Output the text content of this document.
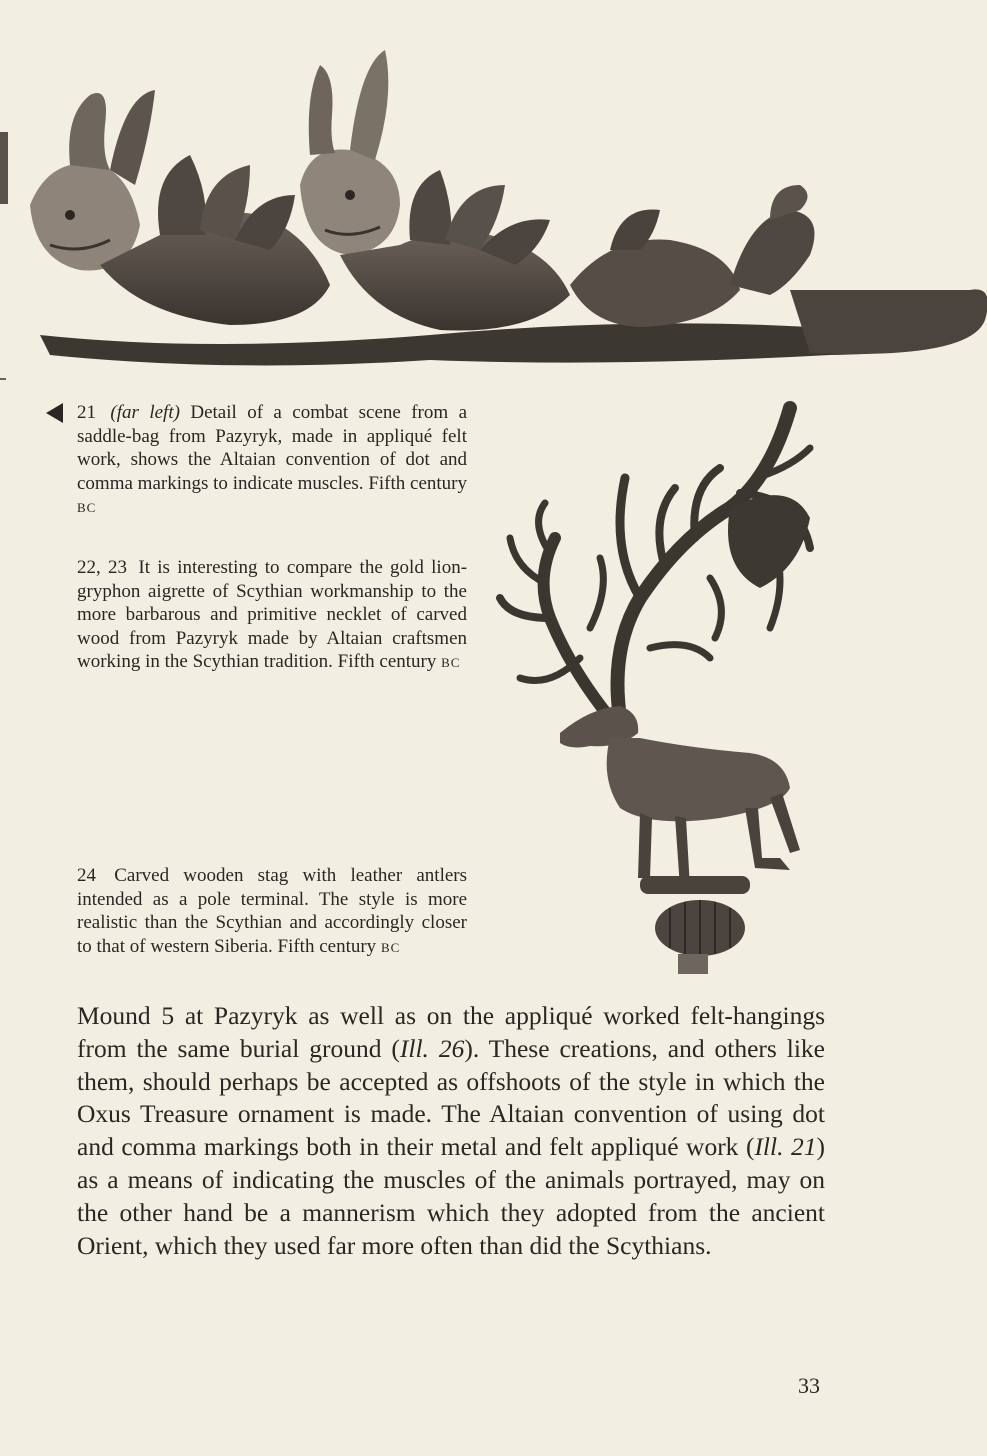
21 (far left) Detail of a combat scene from a saddle-bag from Pazyryk, made in appliqué felt work, shows the Altaian convention of dot and comma markings to indicate muscles. Fifth century BC

22, 23 It is interesting to compare the gold lion-gryphon aigrette of Scythian workmanship to the more barbarous and primitive necklet of carved wood from Pazyryk made by Altaian craftsmen working in the Scythian tradition. Fifth century BC

24 Carved wooden stag with leather antlers intended as a pole terminal. The style is more realistic than the Scythian and accordingly closer to that of western Siberia. Fifth century BC

Mound 5 at Pazyryk as well as on the appliqué worked felt-hangings from the same burial ground (Ill. 26). These creations, and others like them, should perhaps be accepted as offshoots of the style in which the Oxus Treasure ornament is made. The Altaian convention of using dot and comma markings both in their metal and felt appliqué work (Ill. 21) as a means of indicating the muscles of the animals portrayed, may on the other hand be a mannerism which they adopted from the ancient Orient, which they used far more often than did the Scythians.

33
